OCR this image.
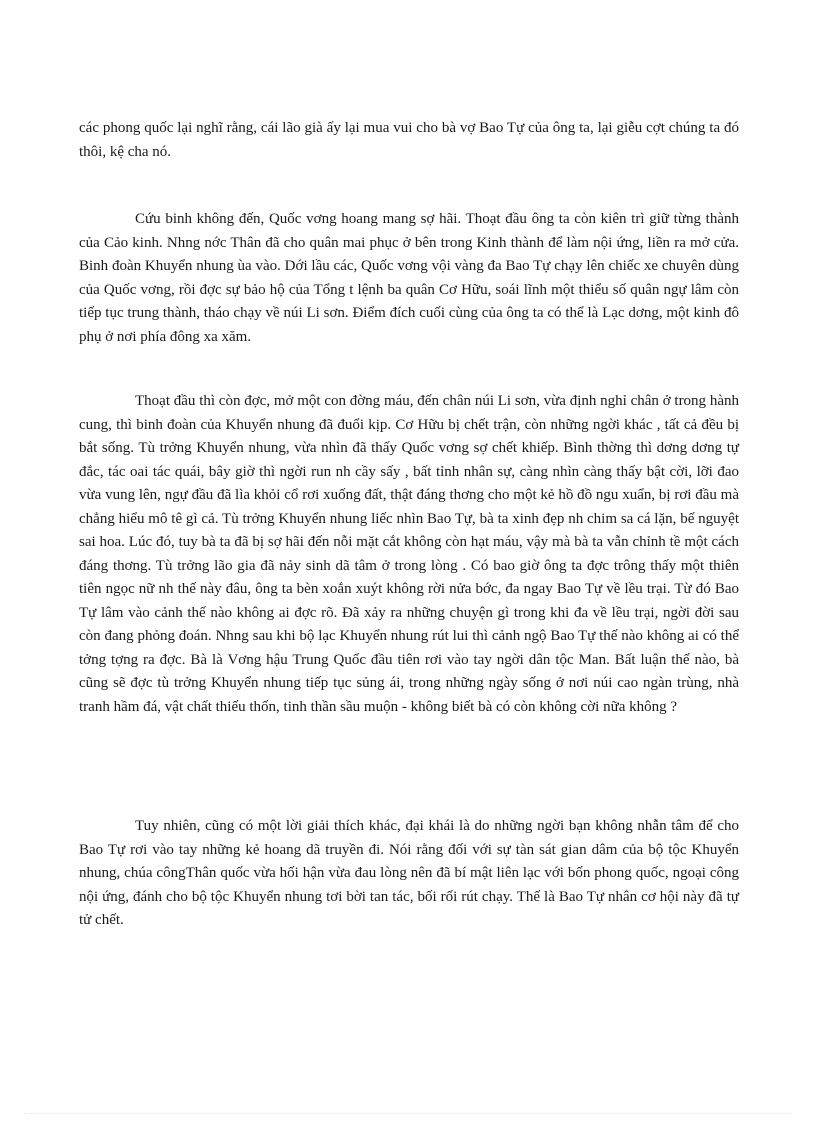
các phong quốc lại nghĩ rằng, cái lão già ấy lại mua vui cho bà vợ Bao Tự của ông ta, lại giễu cợt chúng ta đó thôi, kệ cha nó.

Cứu binh không đến, Quốc vơng hoang mang sợ hãi. Thoạt đầu ông ta còn kiên trì giữ từng thành của Cảo kinh. Nhng nớc Thân đã cho quân mai phục ở bên trong Kinh thành để làm nội ứng, liền ra mở cửa. Binh đoàn Khuyển nhung ùa vào. Dới lầu các, Quốc vơng vội vàng đa Bao Tự chạy lên chiếc xe chuyên dùng của Quốc vơng, rồi đợc sự bảo hộ của Tổng t lệnh ba quân Cơ Hữu, soái lĩnh một thiểu số quân ngự lâm còn tiếp tục trung thành, tháo chạy về núi Li sơn. Điểm đích cuối cùng của ông ta có thể là Lạc dơng, một kinh đô phụ ở nơi phía đông xa xăm.

Thoạt đầu thì còn đợc, mở một con đờng máu, đến chân núi Li sơn, vừa định nghỉ chân ở trong hành cung, thì binh đoàn của Khuyển nhung đã đuổi kịp. Cơ Hữu bị chết trận, còn những ngời khác , tất cả đều bị bắt sống. Tù trởng Khuyển nhung, vừa nhìn đã thấy Quốc vơng sợ chết khiếp. Bình thờng thì dơng dơng tự đắc, tác oai tác quái, bây giờ thì ngời run nh cầy sấy , bất tỉnh nhân sự, càng nhìn càng thấy bật cời, lỡi đao vừa vung lên, ngự đầu đã lìa khỏi cổ rơi xuống đất, thật đáng thơng cho một kẻ hồ đồ ngu xuẩn, bị rơi đầu mà chẳng hiểu mô tê gì cả. Tù trởng Khuyển nhung liếc nhìn Bao Tự, bà ta xinh đẹp nh chim sa cá lặn, bế nguyệt sai hoa. Lúc đó, tuy bà ta đã bị sợ hãi đến nỗi mặt cắt không còn hạt máu, vậy mà bà ta vẫn chỉnh tề một cách đáng thơng. Tù trởng lão gia đã nảy sinh dã tâm ở trong lòng . Có bao giờ ông ta đợc trông thấy một thiên tiên ngọc nữ nh thế này đâu, ông ta bèn xoắn xuýt không rời nửa bớc, đa ngay Bao Tự về lều trại. Từ đó Bao Tự lâm vào cảnh thế nào không ai đợc rõ. Đã xảy ra những chuyện gì trong khi đa về lều trại, ngời đời sau còn đang phỏng đoán. Nhng sau khi bộ lạc Khuyển nhung rút lui thì cảnh ngộ Bao Tự thế nào không ai có thể tởng tợng ra đợc. Bà là Vơng hậu Trung Quốc đầu tiên rơi vào tay ngời dân tộc Man. Bất luận thế nào, bà cũng sẽ đợc tù trởng Khuyển nhung tiếp tục sủng ái, trong những ngày sống ở nơi núi cao ngàn trùng, nhà tranh hầm đá, vật chất thiếu thốn, tinh thần sầu muộn - không biết bà có còn không cời nữa không ?

Tuy nhiên, cũng có một lời giải thích khác, đại khái là do những ngời bạn không nhẫn tâm để cho Bao Tự rơi vào tay những kẻ hoang dã truyền đi. Nói rằng đối với sự tàn sát gian dâm của bộ tộc Khuyển nhung, chúa côngThân quốc vừa hối hận vừa đau lòng nên đã bí mật liên lạc với bốn phong quốc, ngoại công nội ứng, đánh cho bộ tộc Khuyển nhung tơi bời tan tác, bối rối rút chạy. Thế là Bao Tự nhân cơ hội này đã tự tử chết.
